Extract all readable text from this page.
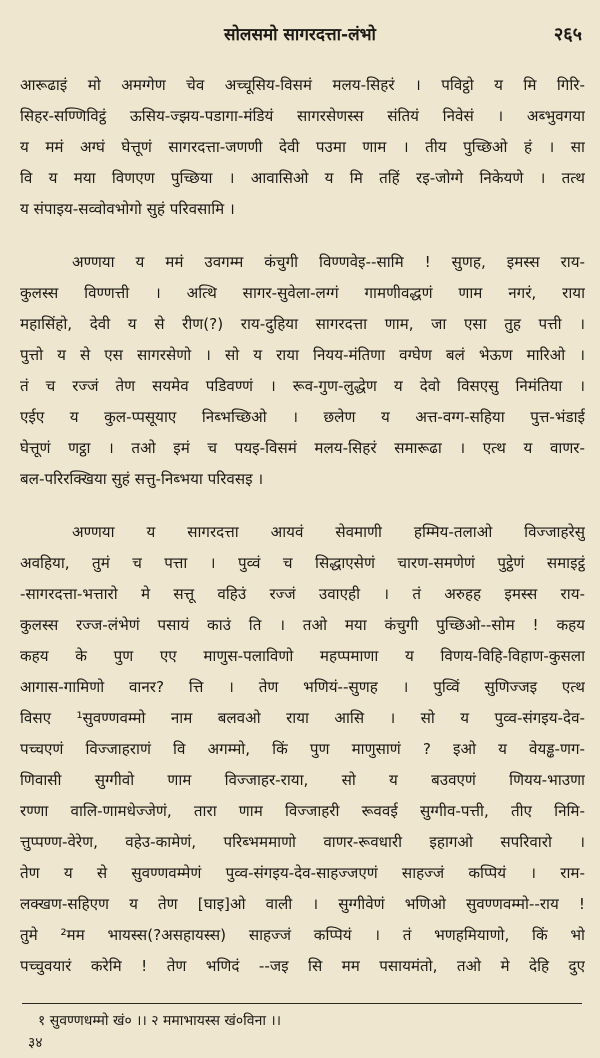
सोलसमो सागरदत्ता-लंभो	२६५
आरूढाइं मो अमग्गेण चेव अच्चूसिय-विसमं मलय-सिहरं । पविट्ठो य मि गिरि-
सिहर-सण्णिविट्ठं ऊसिय-ज्झय-पडागा-मंडियं सागरसेणस्स संतियं निवेसं । अब्भुवगया
य ममं अग्घं घेत्तूणं सागरदत्ता-जणणी देवी पउमा णाम । तीय पुच्छिओ हं । सा
वि य मया विणएण पुच्छिया । आवासिओ य मि तहिं रइ-जोग्गे निकेयणे । तत्थ
य संपाइय-सव्वोवभोगो सुहं परिवसामि ।
अण्णया य ममं उवगम्म कंचुगी विण्णवेइ--सामि ! सुणह, इमस्स राय-
कुलस्स विण्णत्ती । अत्थि सागर-सुवेला-लग्गं गामणीवद्धणं णाम नगरं, राया
महासिंहो, देवी य से रीण(?) राय-दुहिया सागरदत्ता णाम, जा एसा तुह पत्ती ।
पुत्तो य से एस सागरसेणो । सो य राया नियय-मंतिणा वग्घेण बलं भेऊण मारिओ ।
तं च रज्जं तेण सयमेव पडिवण्णं । रूव-गुण-लुद्धेण य देवो विसएसु निमंतिया ।
एईए य कुल-प्पसूयाए निब्भच्छिओ । छलेण य अत्त-वग्ग-सहिया पुत्त-भंडाई
घेत्तूणं णट्ठा । तओ इमं च पयइ-विसमं मलय-सिहरं समारूढा । एत्थ य वाणर-
बल-परिरक्खिया सुहं सत्तु-निब्भया परिवसइ ।
अण्णया य सागरदत्ता आयवं सेवमाणी हम्मिय-तलाओ विज्जाहरेसु
अवहिया, तुमं च पत्ता । पुव्वं च सिद्धाएसेणं चारण-समणेणं पुट्ठेणं समाइट्ठं
-सागरदत्ता-भत्तारो मे सत्तू वहिउं रज्जं उवाएही । तं अरुहह इमस्स राय-
कुलस्स रज्ज-लंभेणं पसायं काउं ति । तओ मया कंचुगी पुच्छिओ--सोम ! कहय
कहय के पुण एए माणुस-पलाविणो महप्पमाणा य विणय-विहि-विहाण-कुसला
आगास-गामिणो वानर? त्ति । तेण भणियं--सुणह । पुव्विं सुणिज्जइ एत्थ
विसए ¹सुवण्णवम्मो नाम बलवओ राया आसि । सो य पुव्व-संगइय-देव-
पच्चएणं विज्जाहराणं वि अगम्मो, किं पुण माणुसाणं ? इओ य वेयड्ढ-णग-
णिवासी सुग्गीवो णाम विज्जाहर-राया, सो य बउवएणं णियय-भाउणा
रण्णा वालि-णामधेज्जेणं, तारा णाम विज्जाहरी रूववई सुग्गीव-पत्ती, तीए निमि-
त्तुप्पण्ण-वेरेण, वहेउ-कामेणं, परिब्भममाणो वाणर-रूवधारी इहागओ सपरिवारो ।
तेण य से सुवण्णवम्मेणं पुव्व-संगइय-देव-साहज्जएणं साहज्जं कप्पियं । राम-
लक्खण-सहिएण य तेण [घाइ]ओ वाली । सुग्गीवेणं भणिओ सुवण्णवम्मो--राय !
तुमे ²मम भायस्स(?असहायस्स) साहज्जं कप्पियं । तं भणहमियाणो, किं भो
पच्चुवयारं करेमि ! तेण भणिदं --जइ सि मम पसायमंतो, तओ मे देहि दुए
१ सुवण्णधम्मो खं० ।। २ ममाभायस्स खं०विना ।।
३४
